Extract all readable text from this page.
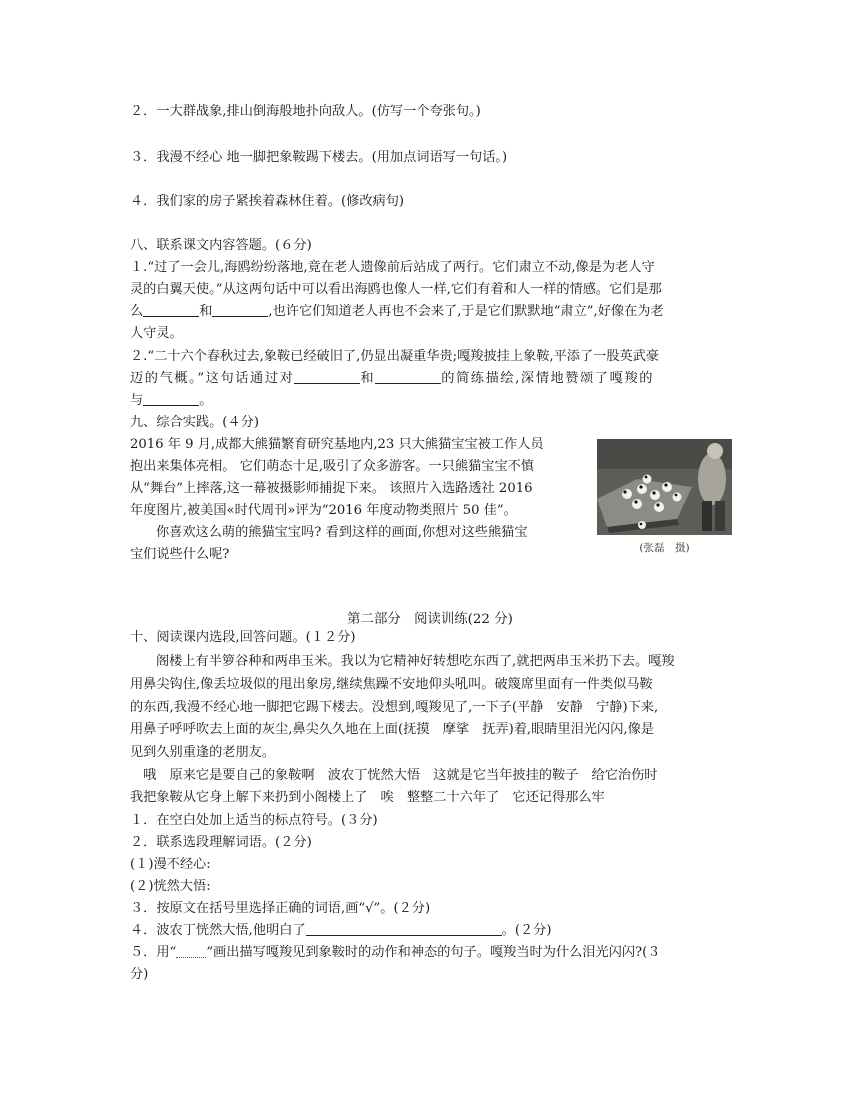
２．一大群战象,排山倒海般地扑向敌人。(仿写一个夸张句。)
３．我漫不经心 地一脚把象鞍踢下楼去。(用加点词语写一句话。)
４．我们家的房子紧挨着森林住着。(修改病句)
八、联系课文内容答题。(６分)
１.“过了一会儿,海鸥纷纷落地,竟在老人遗像前后站成了两行。它们肃立不动,像是为老人守
灵的白翼天使。”从这两句话中可以看出海鸥也像人一样,它们有着和人一样的情感。它们是那
么	和	,也许它们知道老人再也不会来了,于是它们默默地“肃立”,好像在为老
人守灵。
２.“二十六个春秋过去,象鞍已经破旧了,仍显出凝重华贵;嘎羧披挂上象鞍,平添了一股英武豪
迈的气概。”这句话通过对	和	的简练描绘,深情地赞颂了嘎羧的
与	。
九、综合实践。(４分)
2016 年 9 月,成都大熊猫繁育研究基地内,23 只大熊猫宝宝被工作人员
抱出来集体亮相。 它们萌态十足,吸引了众多游客。一只熊猫宝宝不慎
从“舞台”上摔落,这一幕被摄影师捕捉下来。 该照片入选路透社 2016
年度图片,被美国«时代周刊»评为“2016 年度动物类照片 50 佳”。
你喜欢这么萌的熊猫宝宝吗? 看到这样的画面,你想对这些熊猫宝
宝们说些什么呢?	(张磊　摄)
第二部分　阅读训练(22 分)
十、阅读课内选段,回答问题。(１２分)
阁楼上有半箩谷种和两串玉米。我以为它精神好转想吃东西了,就把两串玉米扔下去。嘎羧
用鼻尖钩住,像丢垃圾似的甩出象房,继续焦躁不安地仰头吼叫。破篾席里面有一件类似马鞍
的东西,我漫不经心地一脚把它踢下楼去。没想到,嘎羧见了,一下子(平静　安静　宁静)下来,
用鼻子呼呼吹去上面的灰尘,鼻尖久久地在上面(抚摸　摩挲　抚弄)着,眼睛里泪光闪闪,像是
见到久别重逢的老朋友。
　哦　原来它是要自己的象鞍啊　波农丁恍然大悟　这就是它当年披挂的鞍子　给它治伤时
我把象鞍从它身上解下来扔到小阁楼上了　唉　整整二十六年了　它还记得那么牢
１．在空白处加上适当的标点符号。(３分)
２．联系选段理解词语。(２分)
(１)漫不经心:
(２)恍然大悟:
３．按原文在括号里选择正确的词语,画“√”。(２分)
４．波农丁恍然大悟,他明白了	。(２分)
５．用“ ”画出描写嘎羧见到象鞍时的动作和神态的句子。嘎羧当时为什么泪光闪闪?(３
分)
